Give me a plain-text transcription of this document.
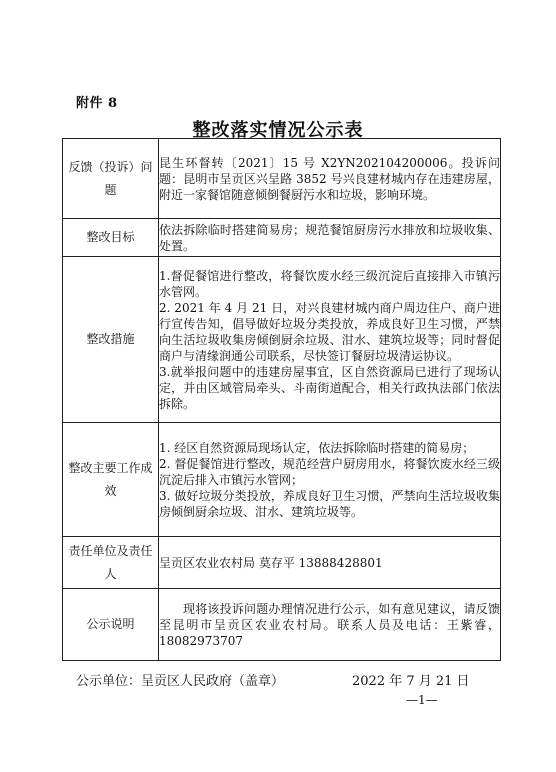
附件 8
整改落实情况公示表
反馈（投诉）问题	昆生环督转〔2021〕15 号 X2YN202104200006。投诉问题：昆明市呈贡区兴呈路 3852 号兴良建材城内存在违建房屋，附近一家餐馆随意倾倒餐厨污水和垃圾，影响环境。

整改目标	依法拆除临时搭建简易房；规范餐馆厨房污水排放和垃圾收集、处置。

整改措施	1.督促餐馆进行整改，将餐饮废水经三级沉淀后直接排入市镇污水管网。
2. 2021 年 4 月 21 日，对兴良建材城内商户周边住户、商户进行宣传告知，倡导做好垃圾分类投放，养成良好卫生习惯，严禁向生活垃圾收集房倾倒厨余垃圾、泔水、建筑垃圾等；同时督促商户与清缘润通公司联系，尽快签订餐厨垃圾清运协议。
3.就举报问题中的违建房屋事宜，区自然资源局已进行了现场认定，并由区域管局牵头、斗南街道配合，相关行政执法部门依法拆除。

整改主要工作成效	1. 经区自然资源局现场认定，依法拆除临时搭建的简易房；
2. 督促餐馆进行整改，规范经营户厨房用水，将餐饮废水经三级沉淀后排入市镇污水管网；
3. 做好垃圾分类投放，养成良好卫生习惯，严禁向生活垃圾收集房倾倒厨余垃圾、泔水、建筑垃圾等。

责任单位及责任人	呈贡区农业农村局 莫存平 13888428801

公示说明	现将该投诉问题办理情况进行公示，如有意见建议，请反馈至昆明市呈贡区农业农村局。联系人员及电话：王紫睿，18082973707
公示单位：呈贡区人民政府（盖章）	2022 年 7 月 21 日
—1—
